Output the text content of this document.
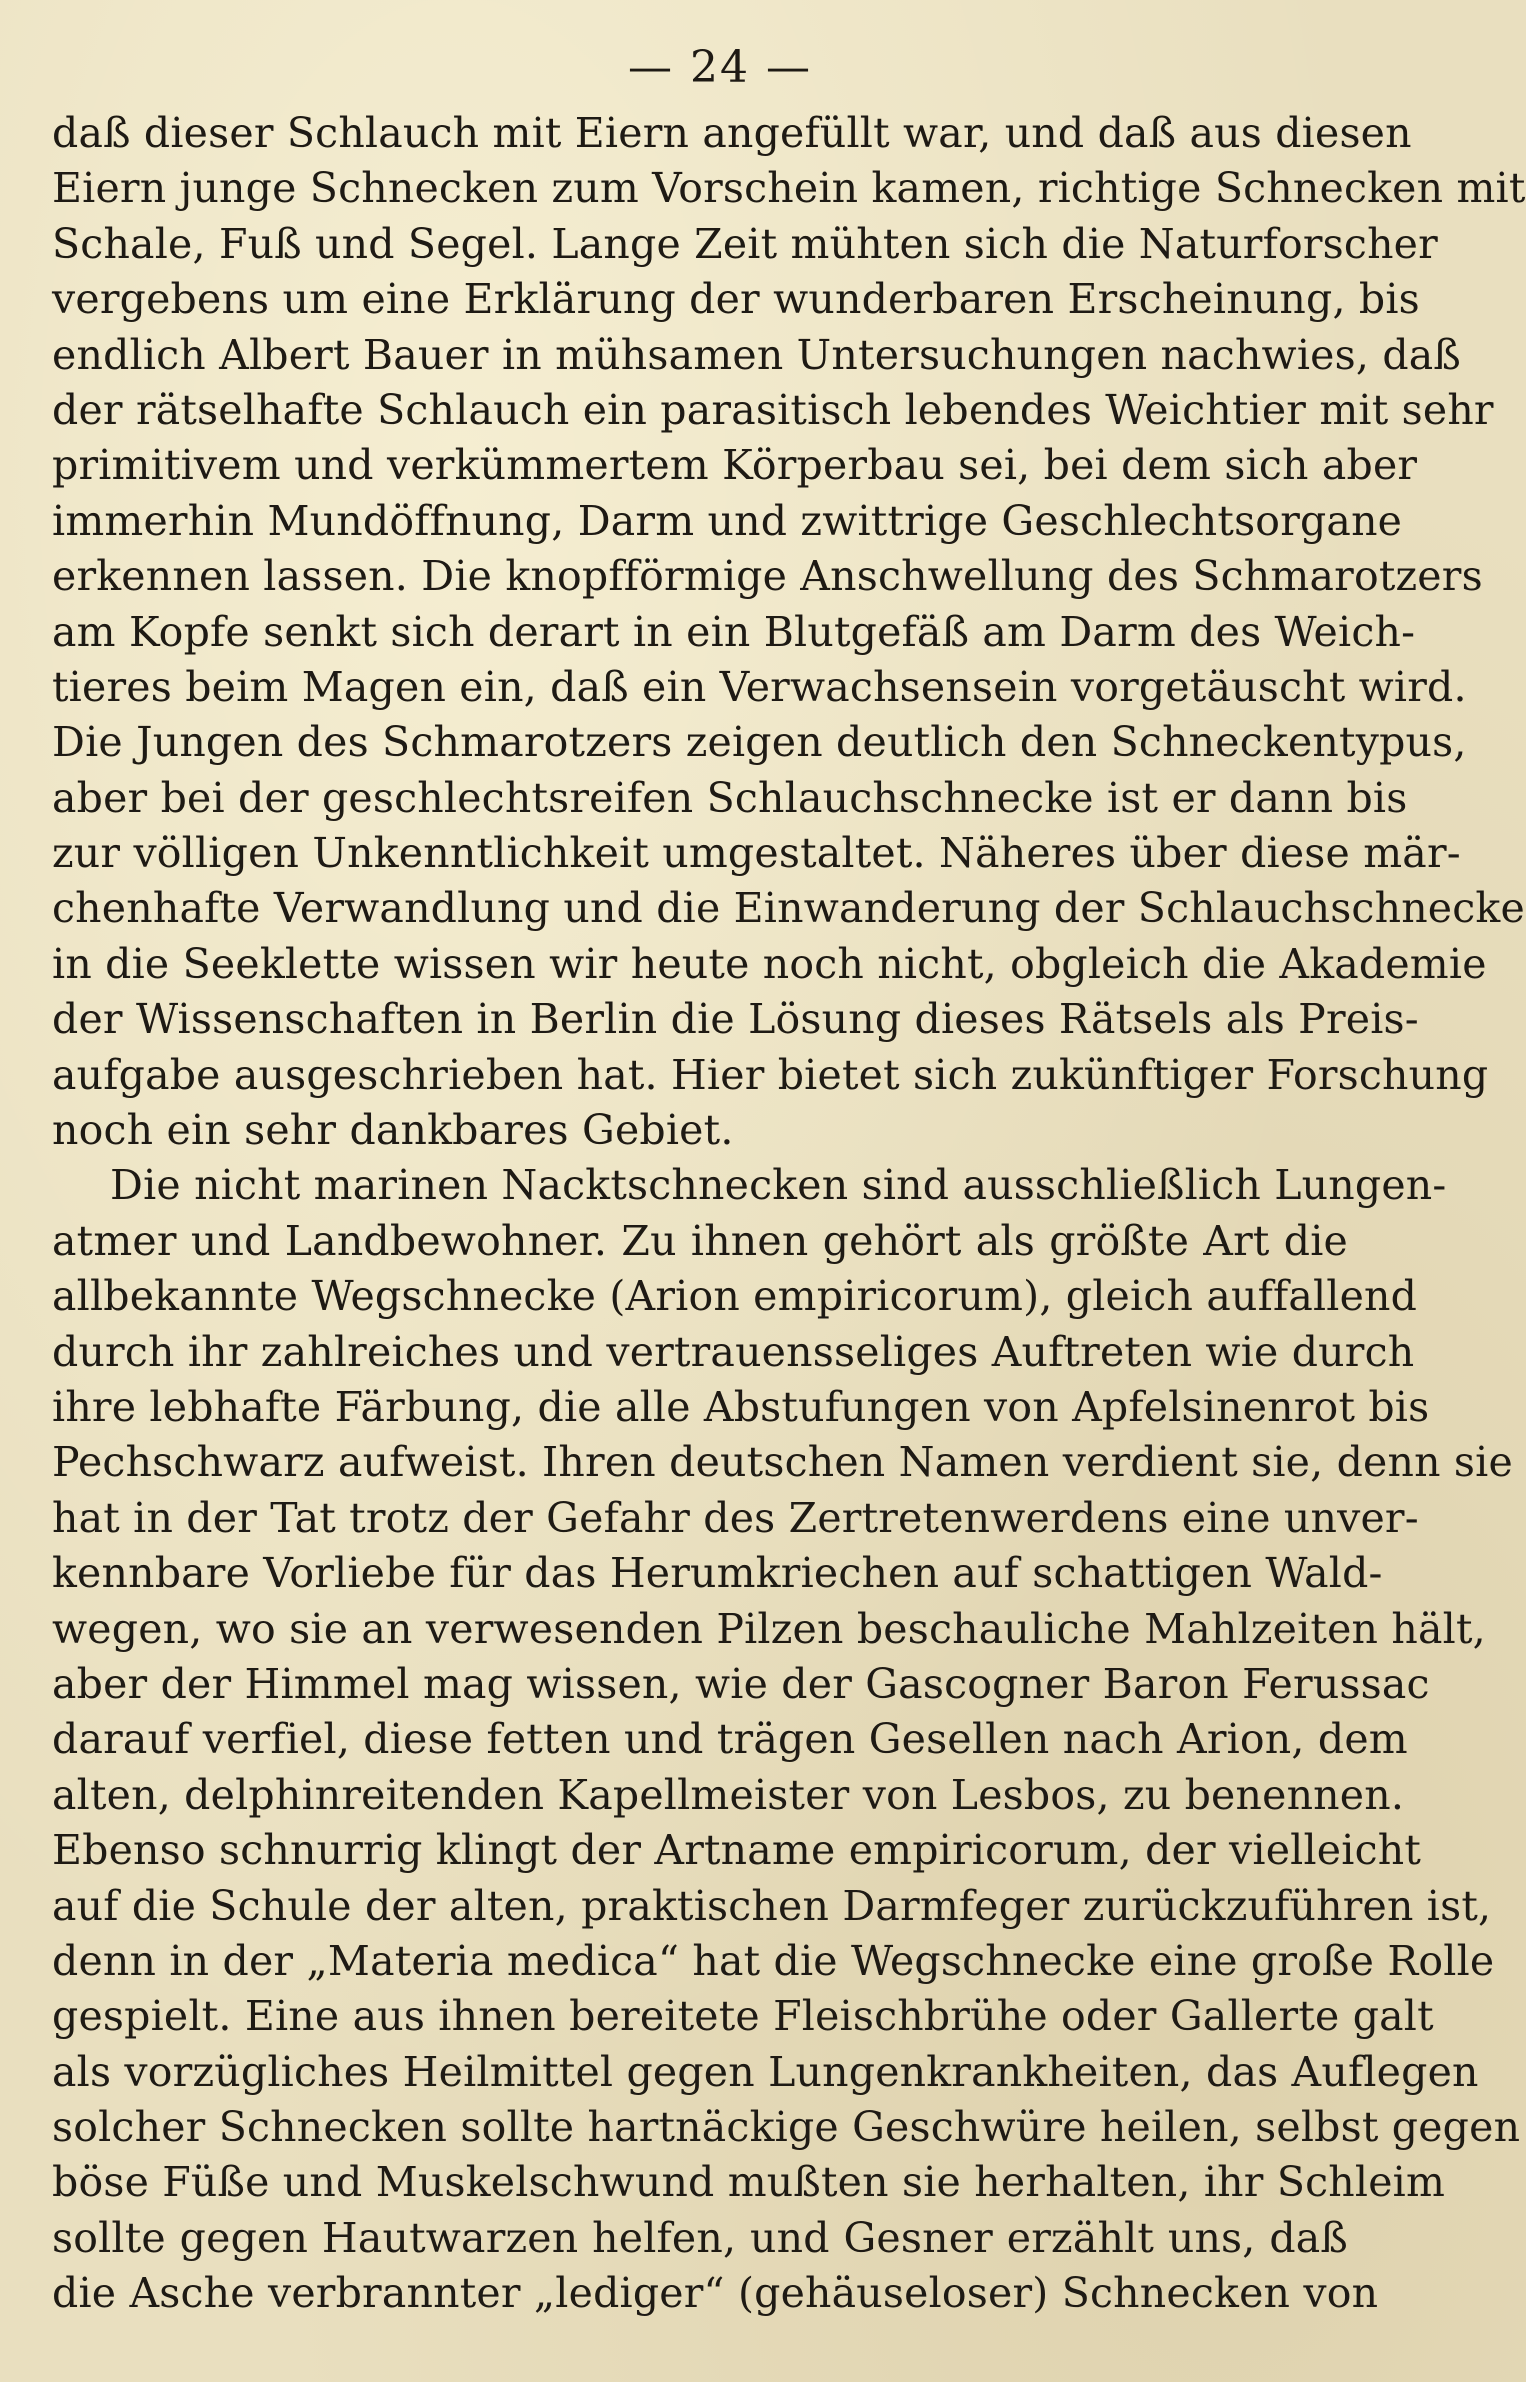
— 24 —
daß dieser Schlauch mit Eiern angefüllt war, und daß aus diesen
Eiern junge Schnecken zum Vorschein kamen, richtige Schnecken mit
Schale, Fuß und Segel. Lange Zeit mühten sich die Naturforscher
vergebens um eine Erklärung der wunderbaren Erscheinung, bis
endlich Albert Bauer in mühsamen Untersuchungen nachwies, daß
der rätselhafte Schlauch ein parasitisch lebendes Weichtier mit sehr
primitivem und verkümmertem Körperbau sei, bei dem sich aber
immerhin Mundöffnung, Darm und zwittrige Geschlechtsorgane
erkennen lassen. Die knopfförmige Anschwellung des Schmarotzers
am Kopfe senkt sich derart in ein Blutgefäß am Darm des Weich-
tieres beim Magen ein, daß ein Verwachsensein vorgetäuscht wird.
Die Jungen des Schmarotzers zeigen deutlich den Schneckentypus,
aber bei der geschlechtsreifen Schlauchschnecke ist er dann bis
zur völligen Unkenntlichkeit umgestaltet. Näheres über diese mär-
chenhafte Verwandlung und die Einwanderung der Schlauchschnecke
in die Seeklette wissen wir heute noch nicht, obgleich die Akademie
der Wissenschaften in Berlin die Lösung dieses Rätsels als Preis-
aufgabe ausgeschrieben hat. Hier bietet sich zukünftiger Forschung
noch ein sehr dankbares Gebiet.
Die nicht marinen Nacktschnecken sind ausschließlich Lungen-
atmer und Landbewohner. Zu ihnen gehört als größte Art die
allbekannte Wegschnecke (Arion empiricorum), gleich auffallend
durch ihr zahlreiches und vertrauensseliges Auftreten wie durch
ihre lebhafte Färbung, die alle Abstufungen von Apfelsinenrot bis
Pechschwarz aufweist. Ihren deutschen Namen verdient sie, denn sie
hat in der Tat trotz der Gefahr des Zertretenwerdens eine unver-
kennbare Vorliebe für das Herumkriechen auf schattigen Wald-
wegen, wo sie an verwesenden Pilzen beschauliche Mahlzeiten hält,
aber der Himmel mag wissen, wie der Gascogner Baron Ferussac
darauf verfiel, diese fetten und trägen Gesellen nach Arion, dem
alten, delphinreitenden Kapellmeister von Lesbos, zu benennen.
Ebenso schnurrig klingt der Artname empiricorum, der vielleicht
auf die Schule der alten, praktischen Darmfeger zurückzuführen ist,
denn in der „Materia medica“ hat die Wegschnecke eine große Rolle
gespielt. Eine aus ihnen bereitete Fleischbrühe oder Gallerte galt
als vorzügliches Heilmittel gegen Lungenkrankheiten, das Auflegen
solcher Schnecken sollte hartnäckige Geschwüre heilen, selbst gegen
böse Füße und Muskelschwund mußten sie herhalten, ihr Schleim
sollte gegen Hautwarzen helfen, und Gesner erzählt uns, daß
die Asche verbrannter „lediger“ (gehäuseloser) Schnecken von
